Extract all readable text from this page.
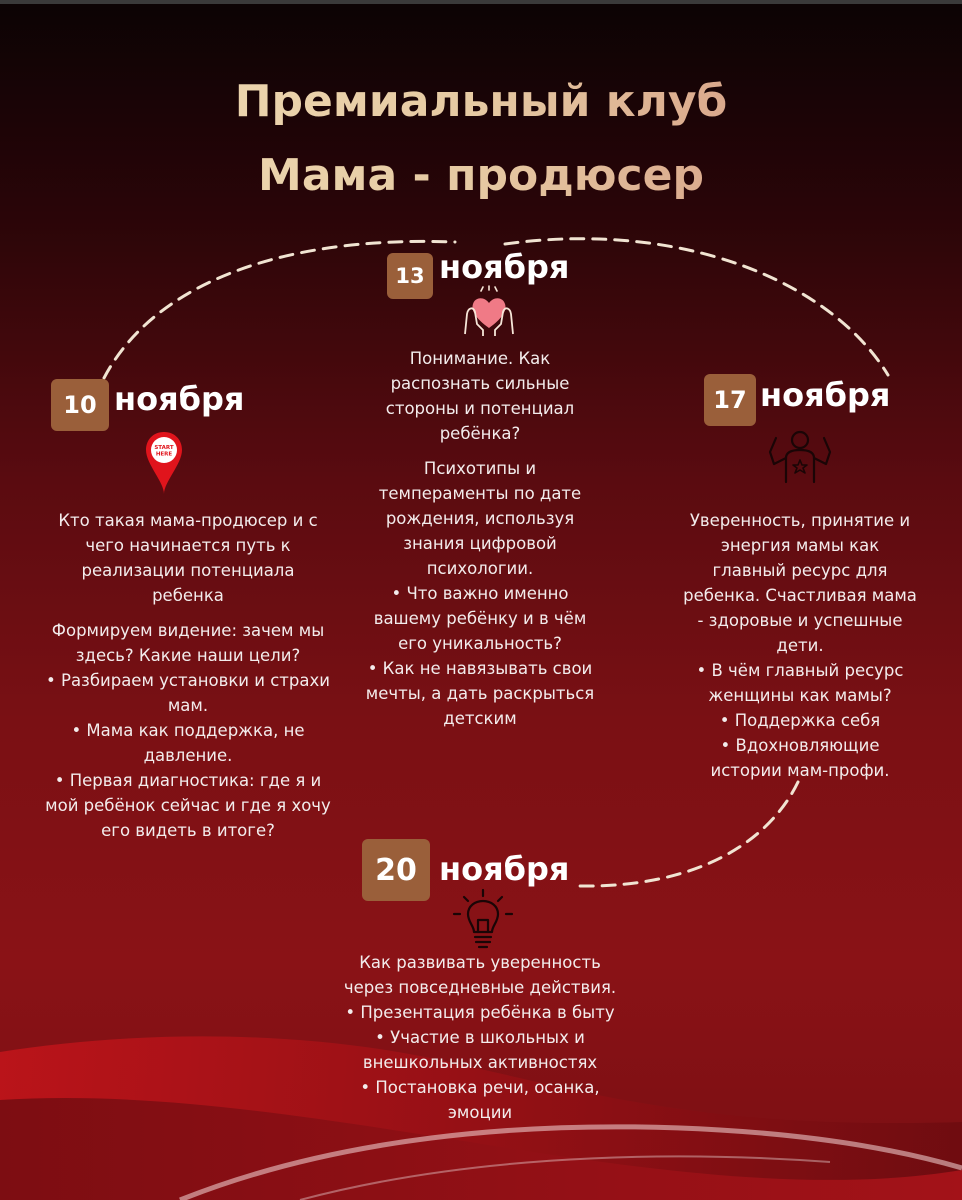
Премиальный клуб
Мама - продюсер
10 ноября
START
HERE

Кто такая мама-продюсер и с

чего начинается путь к

реализации потенциала

ребенка

Формируем видение: зачем мы

здесь? Какие наши цели?

• Разбираем установки и страхи

мам.

• Мама как поддержка, не

давление.

• Первая диагностика: где я и

мой ребёнок сейчас и где я хочу

его видеть в итоге?

13 ноября

Понимание. Как

распознать сильные

стороны и потенциал

ребёнка?

Психотипы и

темпераменты по дате

рождения, используя

знания цифровой

психологии.

• Что важно именно

вашему ребёнку и в чём

его уникальность?

• Как не навязывать свои

мечты, а дать раскрыться

детским

17 ноября

Уверенность, принятие и

энергия мамы как

главный ресурс для

ребенка. Счастливая мама

- здоровые и успешные

дети.

• В чём главный ресурс

женщины как мамы?

• Поддержка себя

• Вдохновляющие

истории мам-профи.

20 ноября

Как развивать уверенность

через повседневные действия.

• Презентация ребёнка в быту

• Участие в школьных и

внешкольных активностях

• Постановка речи, осанка,

эмоции
